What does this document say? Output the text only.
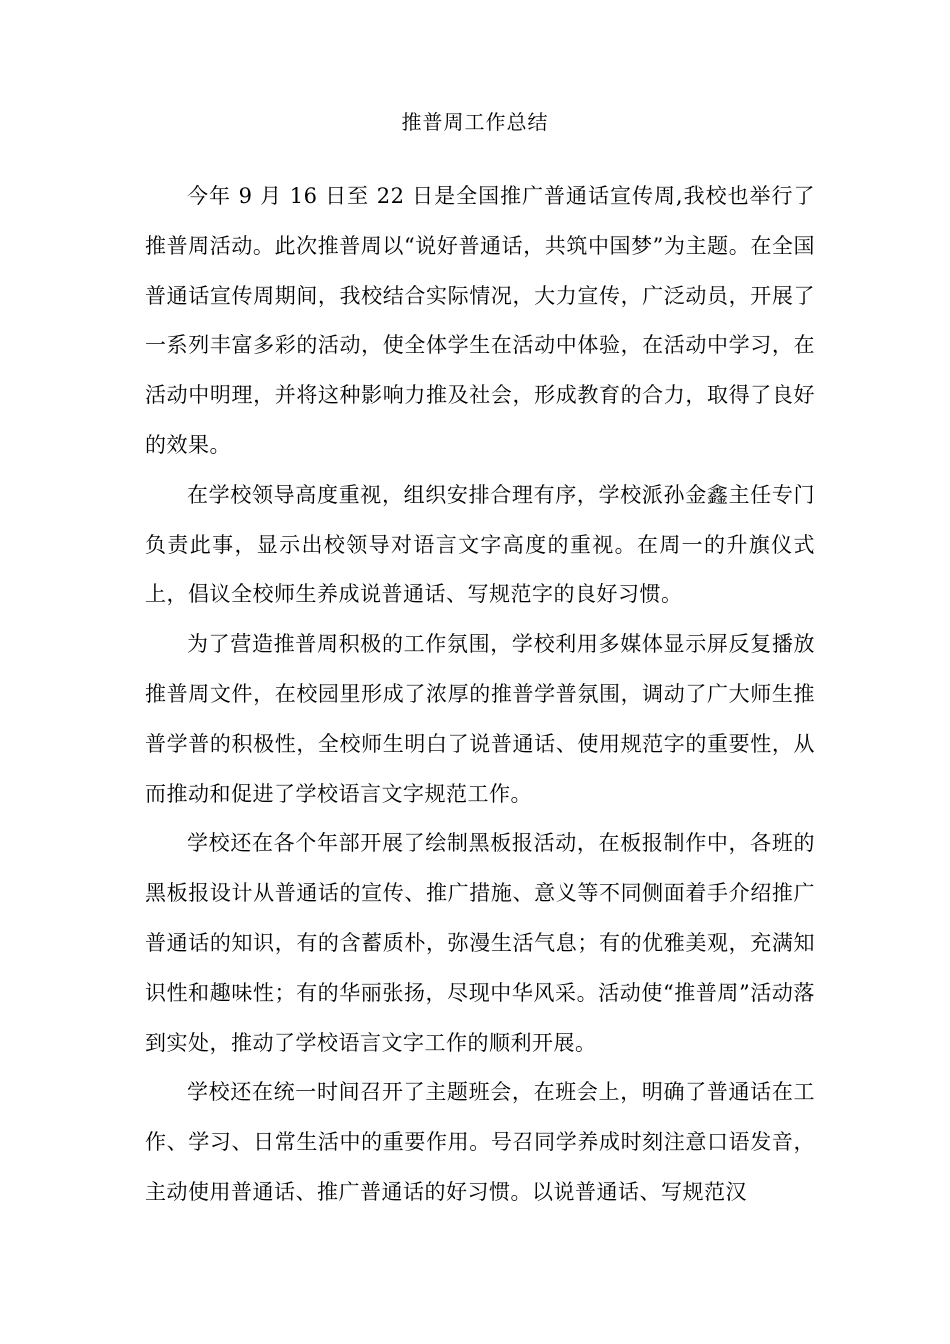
推普周工作总结

今年 9 月 16 日至 22 日是全国推广普通话宣传周,我校也举行了推普周活动。此次推普周以“说好普通话，共筑中国梦”为主题。在全国普通话宣传周期间，我校结合实际情况，大力宣传，广泛动员，开展了一系列丰富多彩的活动，使全体学生在活动中体验，在活动中学习，在活动中明理，并将这种影响力推及社会，形成教育的合力，取得了良好的效果。

在学校领导高度重视，组织安排合理有序，学校派孙金鑫主任专门负责此事，显示出校领导对语言文字高度的重视。在周一的升旗仪式上，倡议全校师生养成说普通话、写规范字的良好习惯。

为了营造推普周积极的工作氛围，学校利用多媒体显示屏反复播放推普周文件，在校园里形成了浓厚的推普学普氛围，调动了广大师生推普学普的积极性，全校师生明白了说普通话、使用规范字的重要性，从而推动和促进了学校语言文字规范工作。

学校还在各个年部开展了绘制黑板报活动，在板报制作中，各班的黑板报设计从普通话的宣传、推广措施、意义等不同侧面着手介绍推广普通话的知识，有的含蓄质朴，弥漫生活气息；有的优雅美观，充满知识性和趣味性；有的华丽张扬，尽现中华风采。活动使“推普周”活动落到实处，推动了学校语言文字工作的顺利开展。

学校还在统一时间召开了主题班会，在班会上，明确了普通话在工作、学习、日常生活中的重要作用。号召同学养成时刻注意口语发音，主动使用普通话、推广普通话的好习惯。以说普通话、写规范汉
